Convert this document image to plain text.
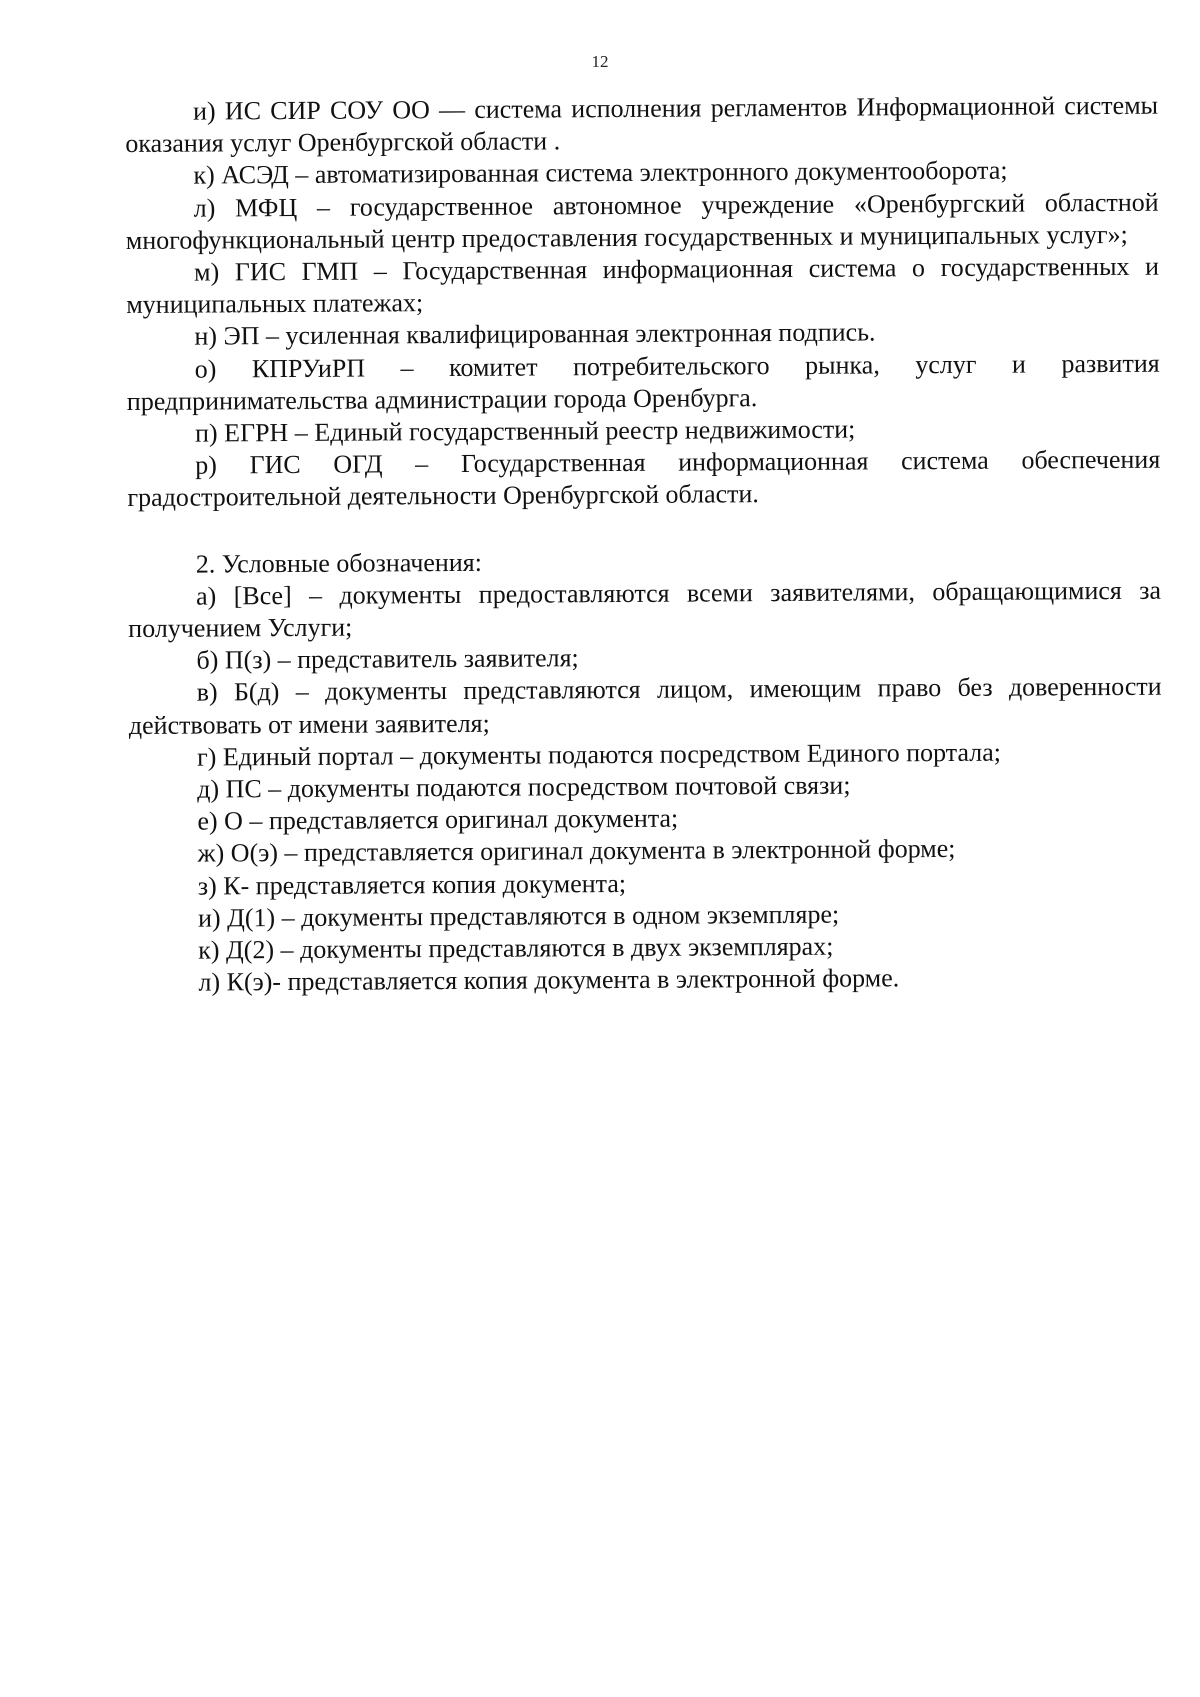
12

и) ИС СИР СОУ ОО — система исполнения регламентов Информационной системы оказания услуг Оренбургской области .

к) АСЭД – автоматизированная система электронного документооборота;

л) МФЦ – государственное автономное учреждение «Оренбургский областной многофункциональный центр предоставления государственных и муниципальных услуг»;

м) ГИС ГМП – Государственная информационная система о государственных и муниципальных платежах;

н) ЭП – усиленная квалифицированная электронная подпись.

о) КПРУиРП – комитет потребительского рынка, услуг и развития предпринимательства администрации города Оренбурга.

п) ЕГРН – Единый государственный реестр недвижимости;

р) ГИС ОГД – Государственная информационная система обеспечения градостроительной деятельности Оренбургской области.

2. Условные обозначения:

а) [Все] – документы предоставляются всеми заявителями, обращающимися за получением Услуги;

б) П(з) – представитель заявителя;

в) Б(д) – документы представляются лицом, имеющим право без доверенности действовать от имени заявителя;

г) Единый портал – документы подаются посредством Единого портала;

д) ПС – документы подаются посредством почтовой связи;

е) О – представляется оригинал документа;

ж) О(э) – представляется оригинал документа в электронной форме;

з) К- представляется копия документа;

и) Д(1) – документы представляются в одном экземпляре;

к) Д(2) – документы представляются в двух экземплярах;

л) К(э)- представляется копия документа в электронной форме.
